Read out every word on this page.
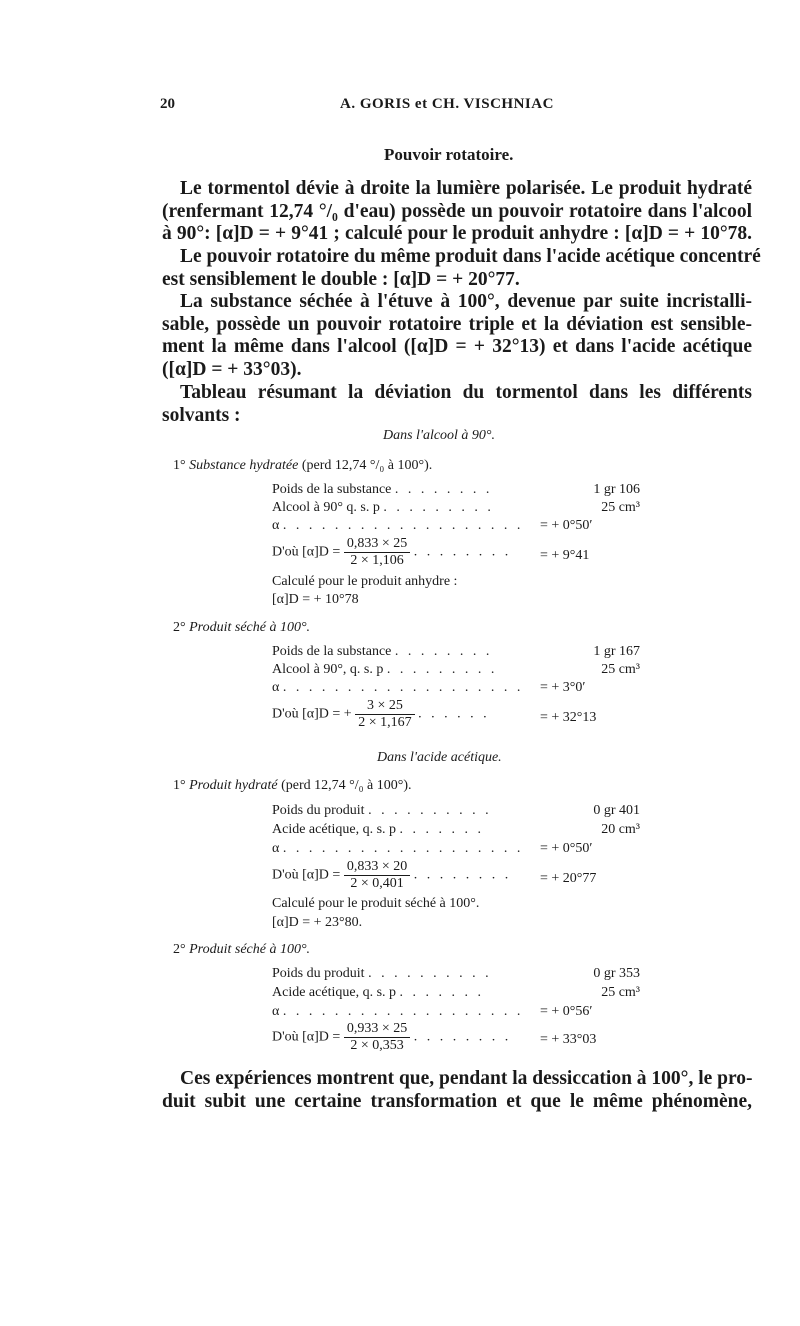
20	A. GORIS et CH. VISCHNIAC
Pouvoir rotatoire.
Le tormentol dévie à droite la lumière polarisée. Le produit hydraté
(renfermant 12,74 °/₀ d'eau) possède un pouvoir rotatoire dans l'alcool
à 90°: [α]D = + 9°41 ; calculé pour le produit anhydre : [α]D = + 10°78.
Le pouvoir rotatoire du même produit dans l'acide acétique concentré
est sensiblement le double : [α]D = + 20°77.
La substance séchée à l'étuve à 100°, devenue par suite incristalli-
sable, possède un pouvoir rotatoire triple et la déviation est sensible-
ment la même dans l'alcool ([α]D = + 32°13) et dans l'acide acétique
([α]D = + 33°03).
Tableau résumant la déviation du tormentol dans les différents
solvants :
Dans l'alcool à 90°.
1° Substance hydratée (perd 12,74 °/₀ à 100°).
Poids de la substance . . . . . . . .	1 gr 106
Alcool à 90° q. s. p . . . . . . . . .	25 cm³
α . . . . . . . . . . . . . . . . . . . = + 0°50′
D'où $[\alpha]D = \frac{0,833 \times 25}{2 \times 1,106}$ . . . . . . . . = + 9°41
Calculé pour le produit anhydre :
[α]D = + 10°78
2° Produit séché à 100°.
Poids de la substance . . . . . . . .	1 gr 167
Alcool à 90°, q. s. p . . . . . . . . .	25 cm³
α . . . . . . . . . . . . . . . . . . . = + 3°0′
D'où [α]D = + $\frac{3 \times 25}{2 \times 1,167}$ . . . . . .	= + 32°13
Dans l'acide acétique.
1° Produit hydraté (perd 12,74 °/₀ à 100°).
Poids du produit . . . . . . . . . .	0 gr 401
Acide acétique, q. s. p . . . . . . .	20 cm³
α . . . . . . . . . . . . . . . . . . . = + 0°50′
D'où $[\alpha]D = \frac{0,833 \times 20}{2 \times 0,401}$ . . . . . . . . = + 20°77
Calculé pour le produit séché à 100°.
[α]D = + 23°80.
2° Produit séché à 100°.
Poids du produit . . . . . . . . . .	0 gr 353
Acide acétique, q. s. p . . . . . . .	25 cm³
α . . . . . . . . . . . . . . . . . . . = + 0°56′
D'où $[\alpha]D = \frac{0,933 \times 25}{2 \times 0,353}$ . . . . . . . . = + 33°03
Ces expériences montrent que, pendant la dessiccation à 100°, le pro-
duit subit une certaine transformation et que le même phénomène,
